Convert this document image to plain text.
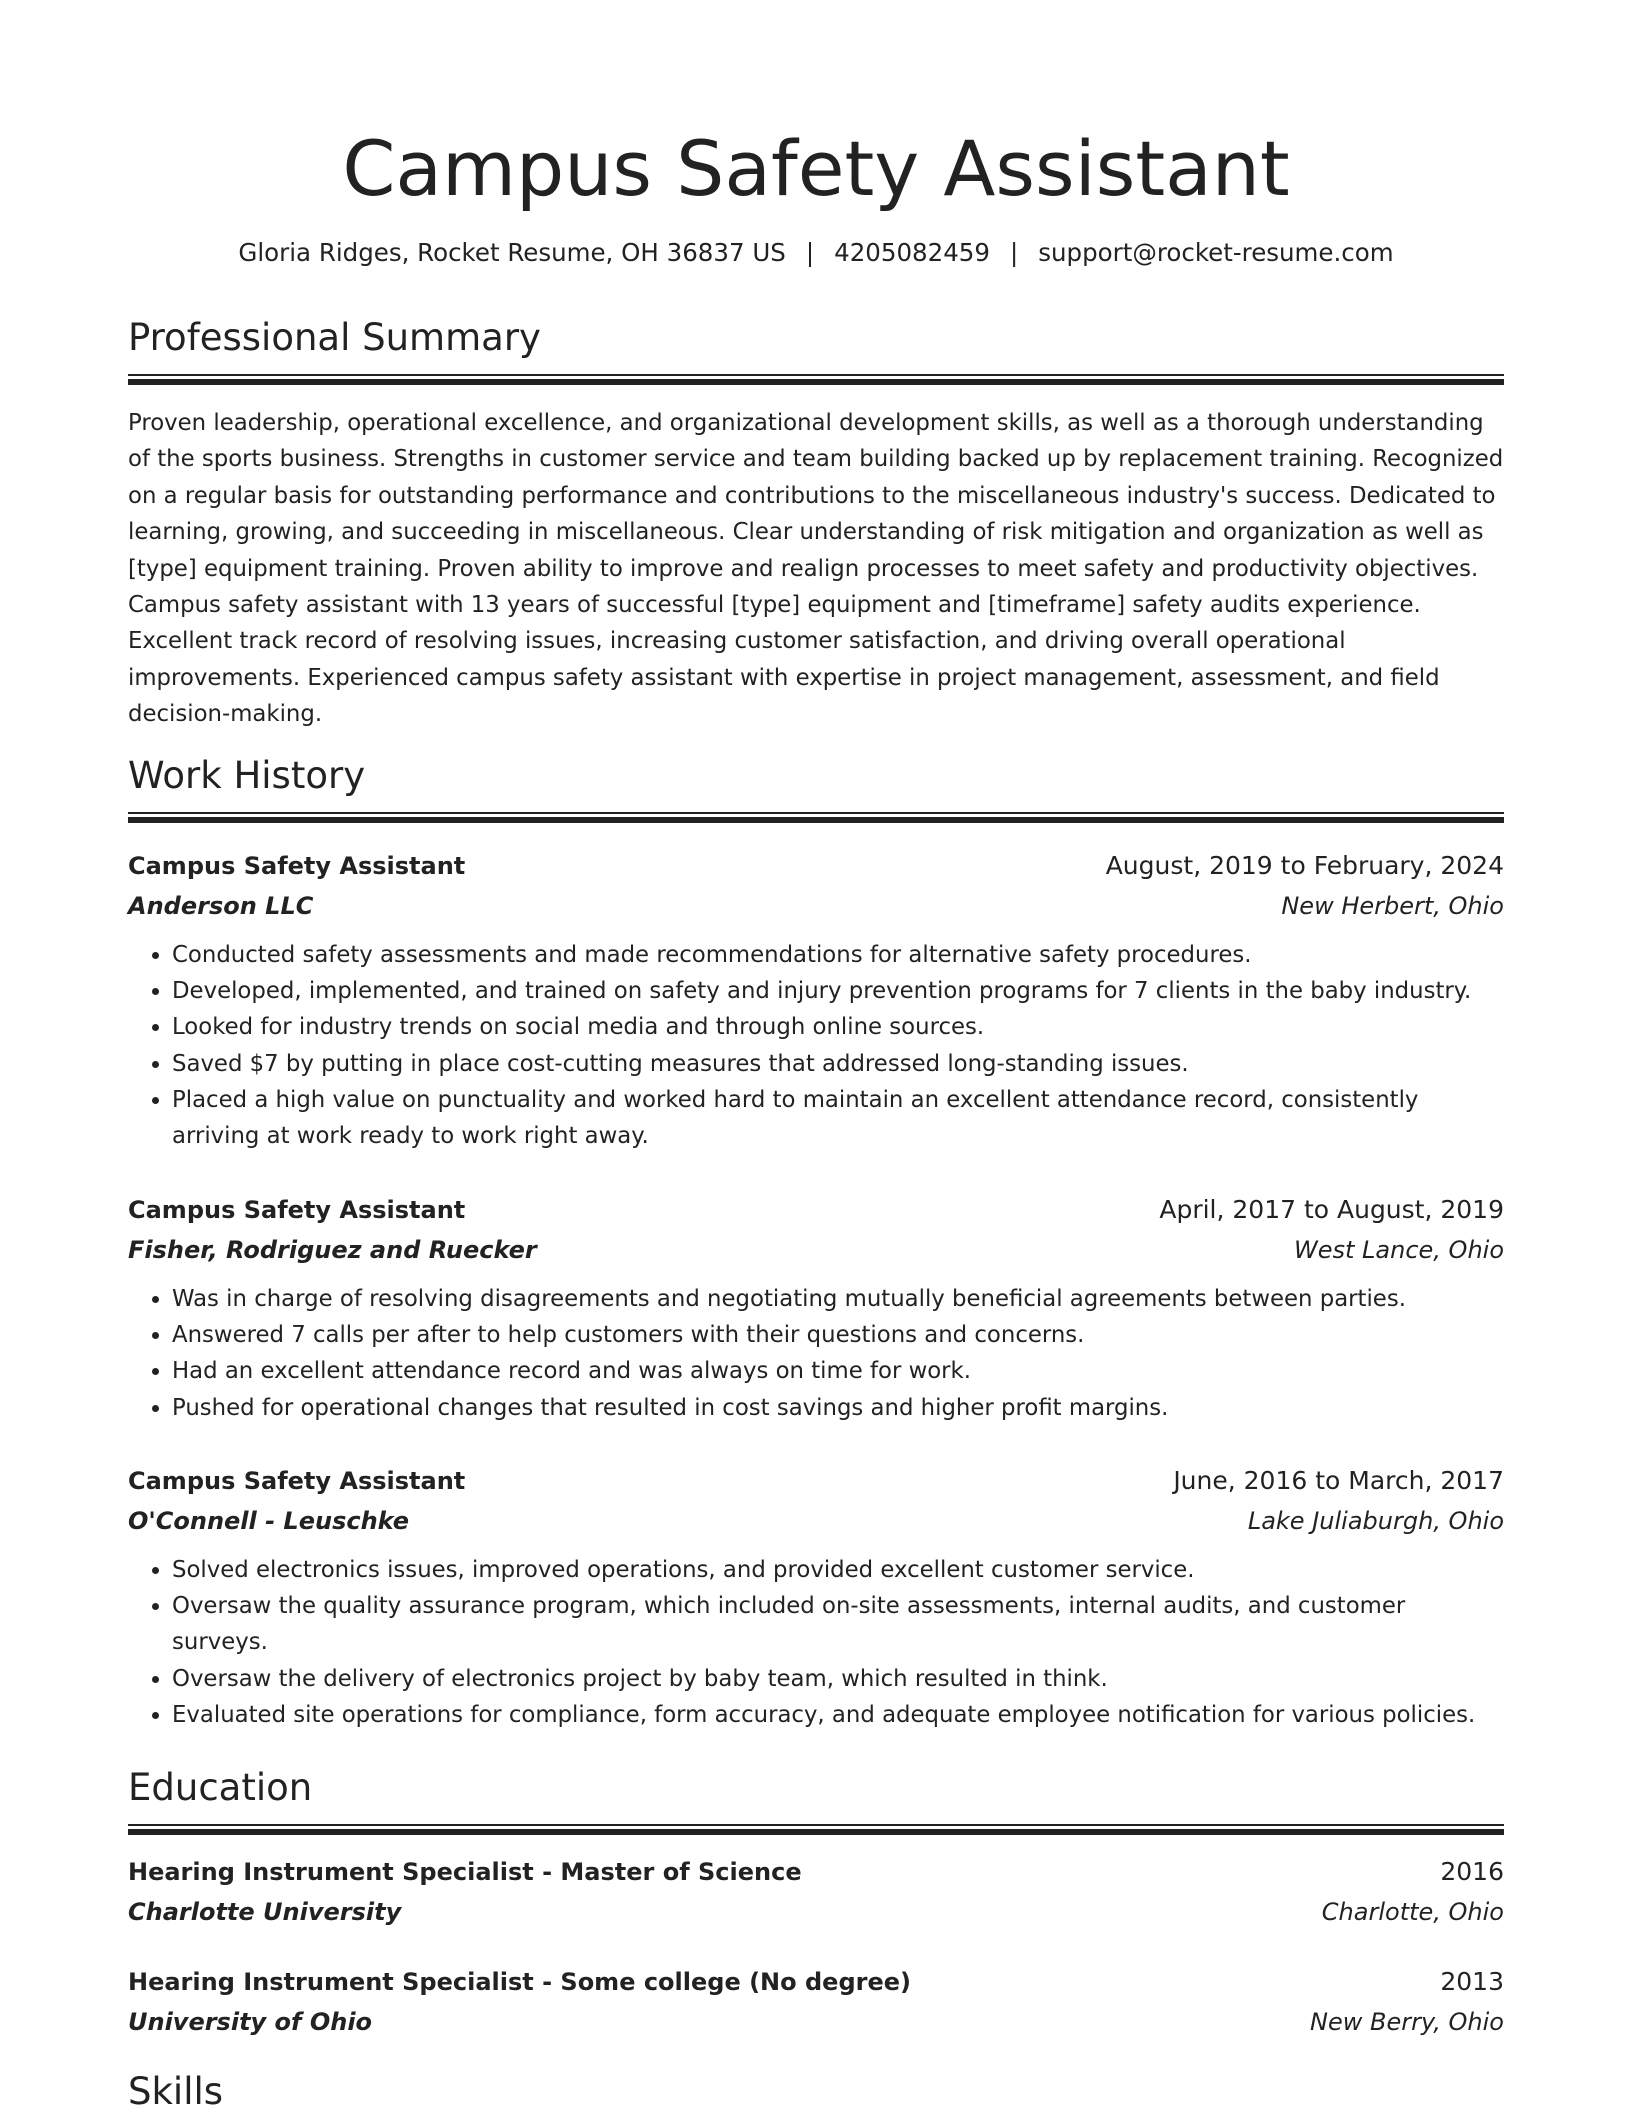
Campus Safety Assistant
Gloria Ridges, Rocket Resume, OH 36837 US | 4205082459 | support@rocket-resume.com
Professional Summary

Proven leadership, operational excellence, and organizational development skills, as well as a thorough understanding of the sports business. Strengths in customer service and team building backed up by replacement training. Recognized on a regular basis for outstanding performance and contributions to the miscellaneous industry's success. Dedicated to learning, growing, and succeeding in miscellaneous. Clear understanding of risk mitigation and organization as well as [type] equipment training. Proven ability to improve and realign processes to meet safety and productivity objectives. Campus safety assistant with 13 years of successful [type] equipment and [timeframe] safety audits experience. Excellent track record of resolving issues, increasing customer satisfaction, and driving overall operational improvements. Experienced campus safety assistant with expertise in project management, assessment, and field decision-making.

Work History
Campus Safety Assistant	August, 2019 to February, 2024
Anderson LLC	New Herbert, Ohio
• Conducted safety assessments and made recommendations for alternative safety procedures.
• Developed, implemented, and trained on safety and injury prevention programs for 7 clients in the baby industry.
• Looked for industry trends on social media and through online sources.
• Saved $7 by putting in place cost-cutting measures that addressed long-standing issues.
• Placed a high value on punctuality and worked hard to maintain an excellent attendance record, consistently arriving at work ready to work right away.
Campus Safety Assistant	April, 2017 to August, 2019
Fisher, Rodriguez and Ruecker	West Lance, Ohio
• Was in charge of resolving disagreements and negotiating mutually beneficial agreements between parties.
• Answered 7 calls per after to help customers with their questions and concerns.
• Had an excellent attendance record and was always on time for work.
• Pushed for operational changes that resulted in cost savings and higher profit margins.
Campus Safety Assistant	June, 2016 to March, 2017
O'Connell - Leuschke	Lake Juliaburgh, Ohio
• Solved electronics issues, improved operations, and provided excellent customer service.
• Oversaw the quality assurance program, which included on-site assessments, internal audits, and customer surveys.
• Oversaw the delivery of electronics project by baby team, which resulted in think.
• Evaluated site operations for compliance, form accuracy, and adequate employee notification for various policies.
Education
Hearing Instrument Specialist - Master of Science	2016
Charlotte University	Charlotte, Ohio
Hearing Instrument Specialist - Some college (No degree)	2013
University of Ohio	New Berry, Ohio
Skills
